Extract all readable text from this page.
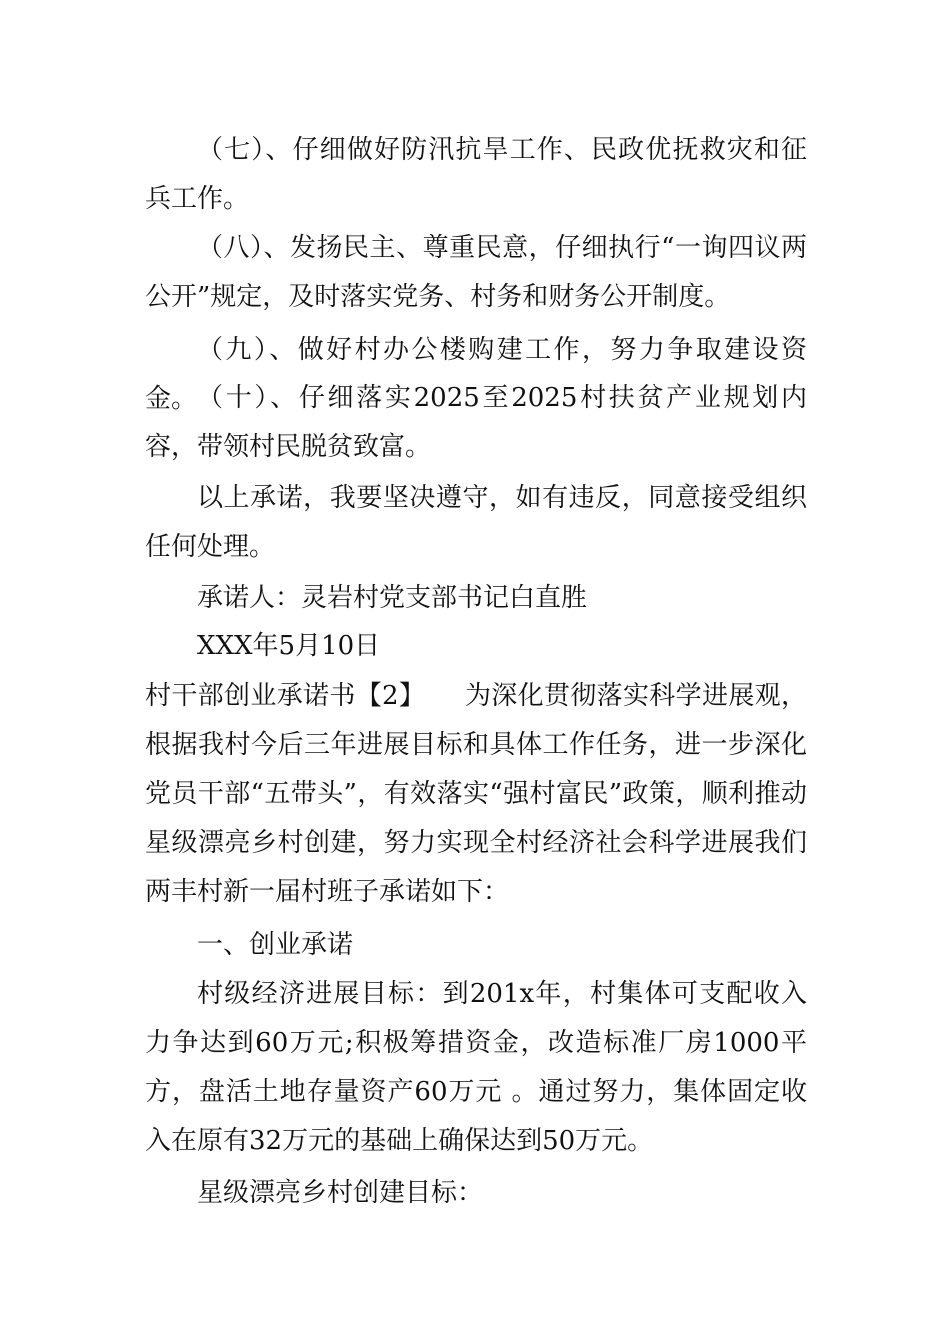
（七）、仔细做好防汛抗旱工作、民政优抚救灾和征兵工作。

（八）、发扬民主、尊重民意，仔细执行“一询四议两公开”规定，及时落实党务、村务和财务公开制度。

（九）、做好村办公楼购建工作，努力争取建设资金。 （十）、仔细落实2025至2025村扶贫产业规划内容，带领村民脱贫致富。

以上承诺，我要坚决遵守，如有违反，同意接受组织任何处理。

承诺人：灵岩村党支部书记白直胜

XXX年5月10日

村干部创业承诺书【2】　　为深化贯彻落实科学进展观，根据我村今后三年进展目标和具体工作任务，进一步深化党员干部“五带头”，有效落实“强村富民”政策，顺利推动星级漂亮乡村创建，努力实现全村经济社会科学进展我们两丰村新一届村班子承诺如下：

一、创业承诺

村级经济进展目标：到201x年，村集体可支配收入力争达到60万元;积极筹措资金，改造标准厂房1000平方，盘活土地存量资产60万元 。通过努力，集体固定收入在原有32万元的基础上确保达到50万元。

星级漂亮乡村创建目标：
